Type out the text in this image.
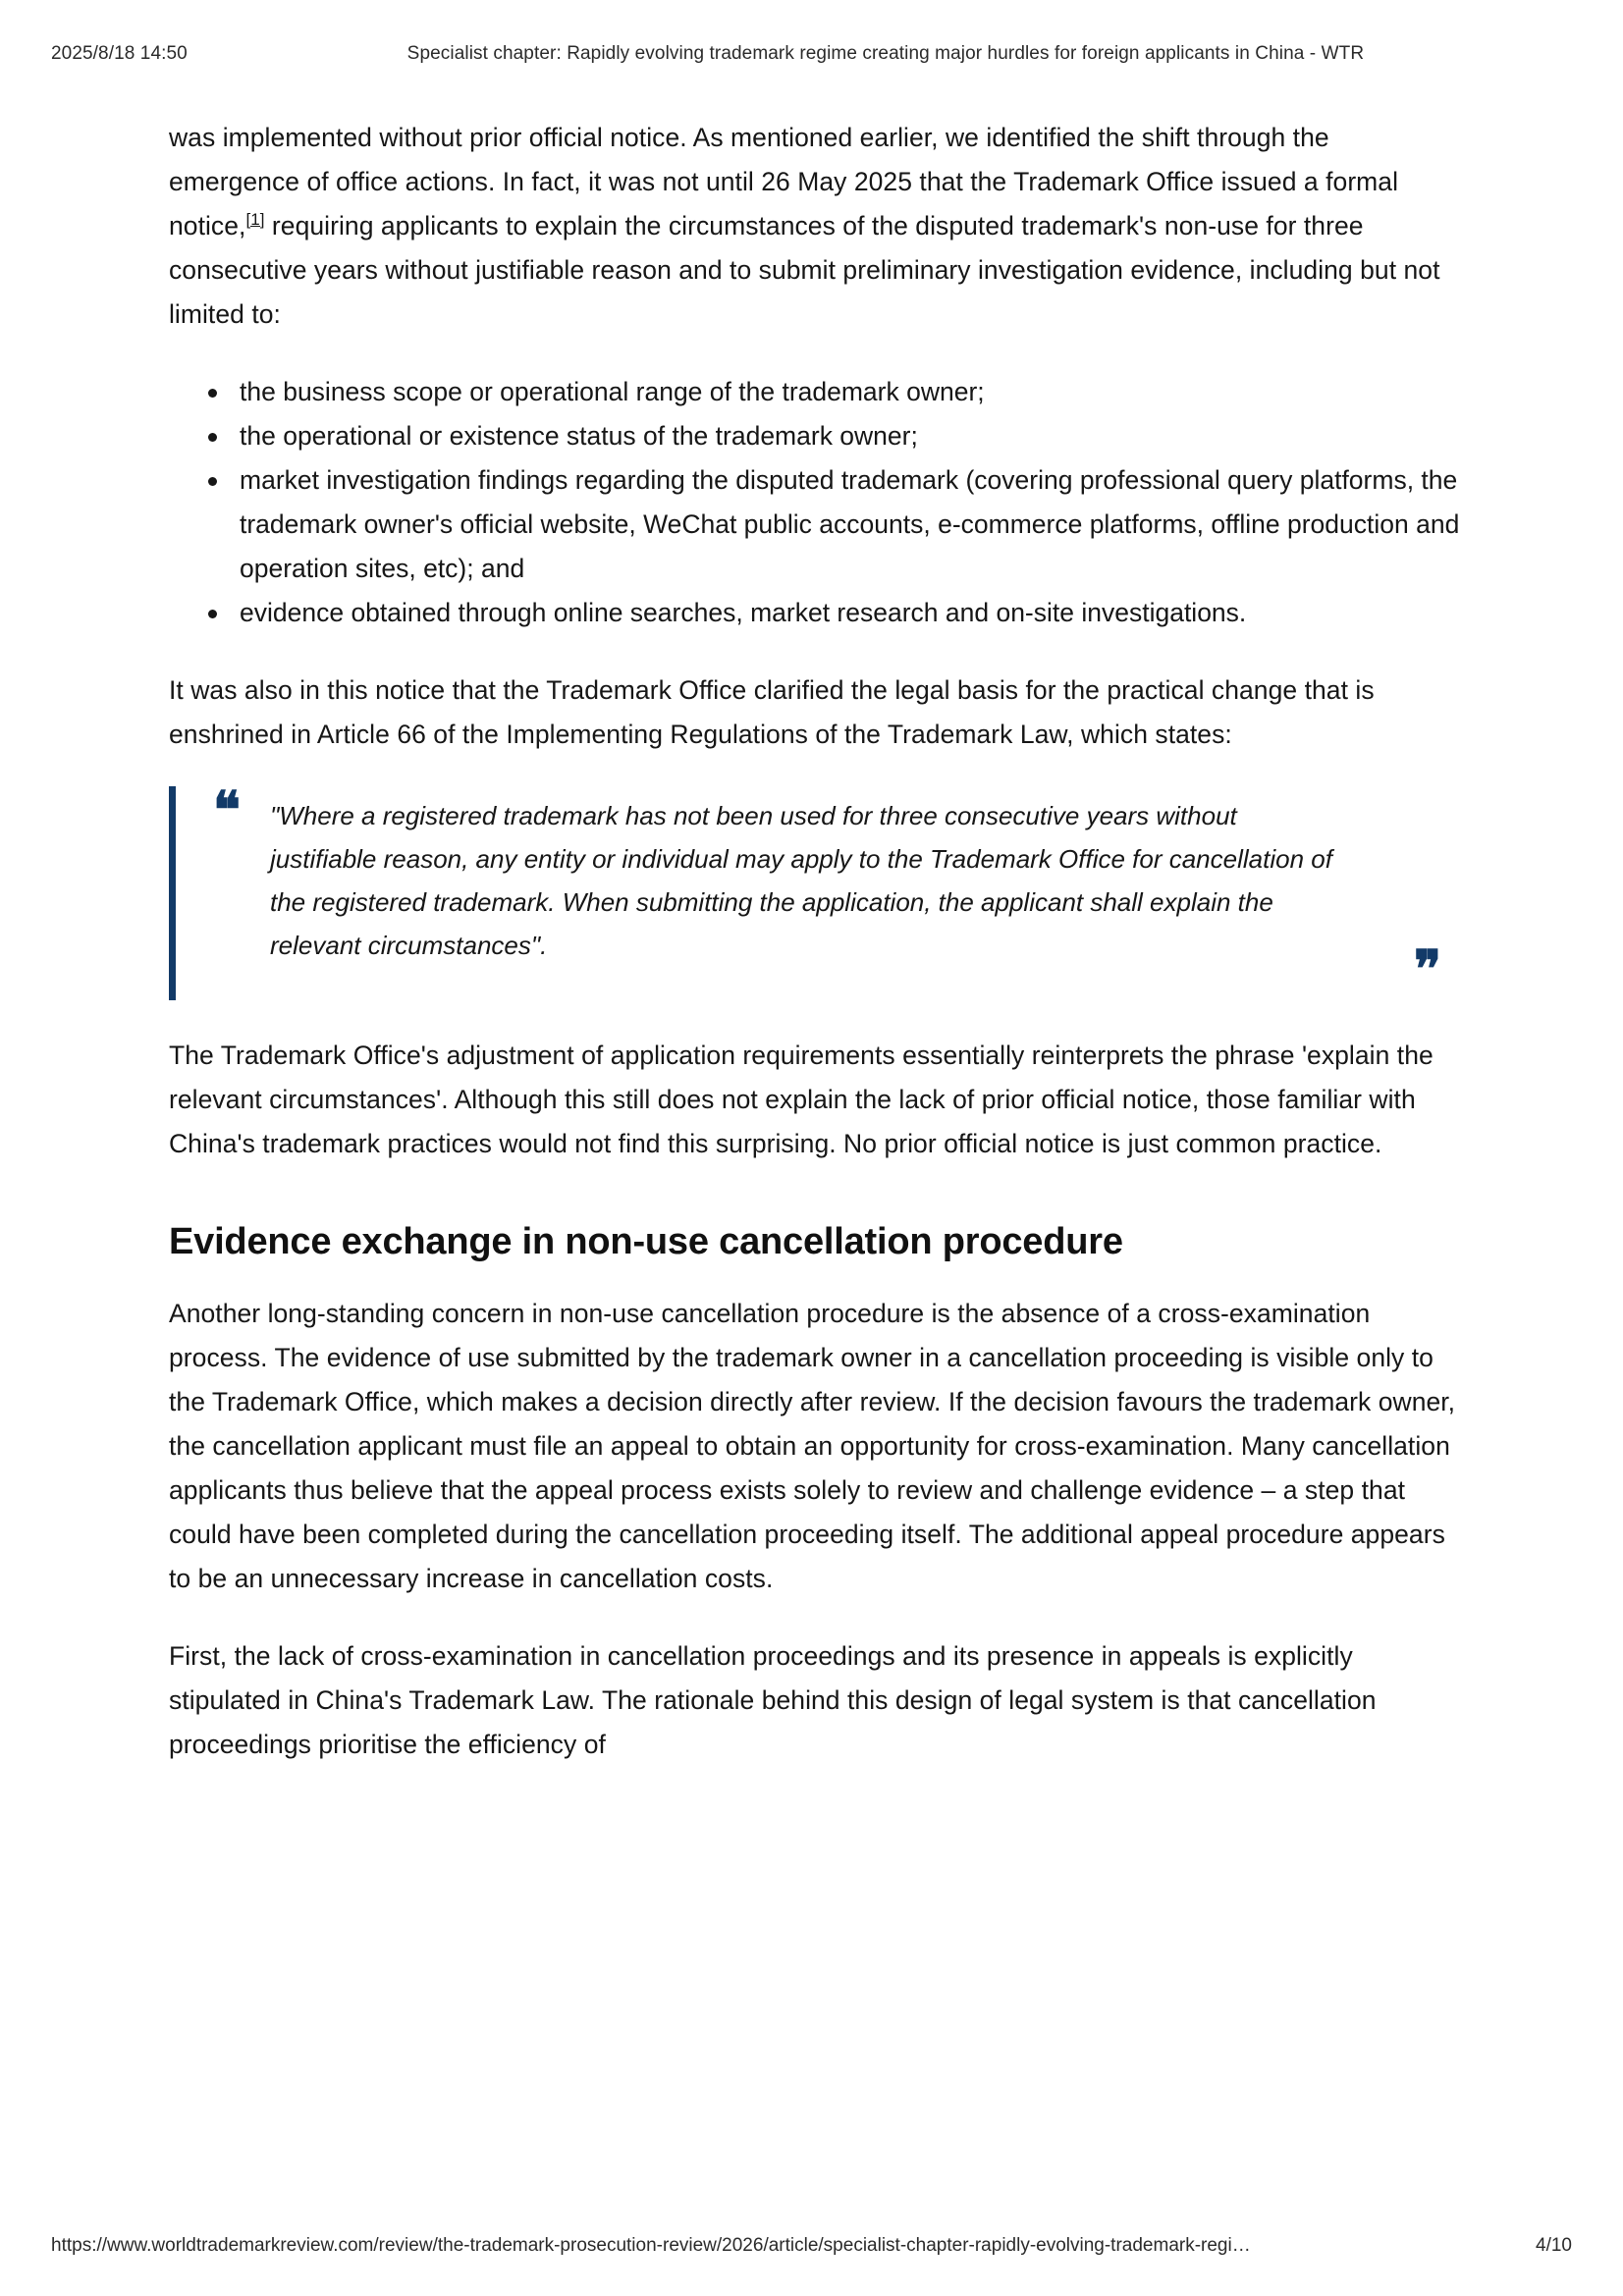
2025/8/18 14:50	Specialist chapter: Rapidly evolving trademark regime creating major hurdles for foreign applicants in China - WTR

was implemented without prior official notice. As mentioned earlier, we identified the shift through the emergence of office actions. In fact, it was not until 26 May 2025 that the Trademark Office issued a formal notice,[1] requiring applicants to explain the circumstances of the disputed trademark's non-use for three consecutive years without justifiable reason and to submit preliminary investigation evidence, including but not limited to:

the business scope or operational range of the trademark owner;
the operational or existence status of the trademark owner;
market investigation findings regarding the disputed trademark (covering professional query platforms, the trademark owner's official website, WeChat public accounts, e-commerce platforms, offline production and operation sites, etc); and
evidence obtained through online searches, market research and on-site investigations.

It was also in this notice that the Trademark Office clarified the legal basis for the practical change that is enshrined in Article 66 of the Implementing Regulations of the Trademark Law, which states:

❝ "Where a registered trademark has not been used for three consecutive years without justifiable reason, any entity or individual may apply to the Trademark Office for cancellation of the registered trademark. When submitting the application, the applicant shall explain the relevant circumstances".	❞

The Trademark Office's adjustment of application requirements essentially reinterprets the phrase 'explain the relevant circumstances'. Although this still does not explain the lack of prior official notice, those familiar with China's trademark practices would not find this surprising. No prior official notice is just common practice.

Evidence exchange in non-use cancellation procedure

Another long-standing concern in non-use cancellation procedure is the absence of a cross-examination process. The evidence of use submitted by the trademark owner in a cancellation proceeding is visible only to the Trademark Office, which makes a decision directly after review. If the decision favours the trademark owner, the cancellation applicant must file an appeal to obtain an opportunity for cross-examination. Many cancellation applicants thus believe that the appeal process exists solely to review and challenge evidence – a step that could have been completed during the cancellation proceeding itself. The additional appeal procedure appears to be an unnecessary increase in cancellation costs.

First, the lack of cross-examination in cancellation proceedings and its presence in appeals is explicitly stipulated in China's Trademark Law. The rationale behind this design of legal system is that cancellation proceedings prioritise the efficiency of

https://www.worldtrademarkreview.com/review/the-trademark-prosecution-review/2026/article/specialist-chapter-rapidly-evolving-trademark-regi…	4/10
